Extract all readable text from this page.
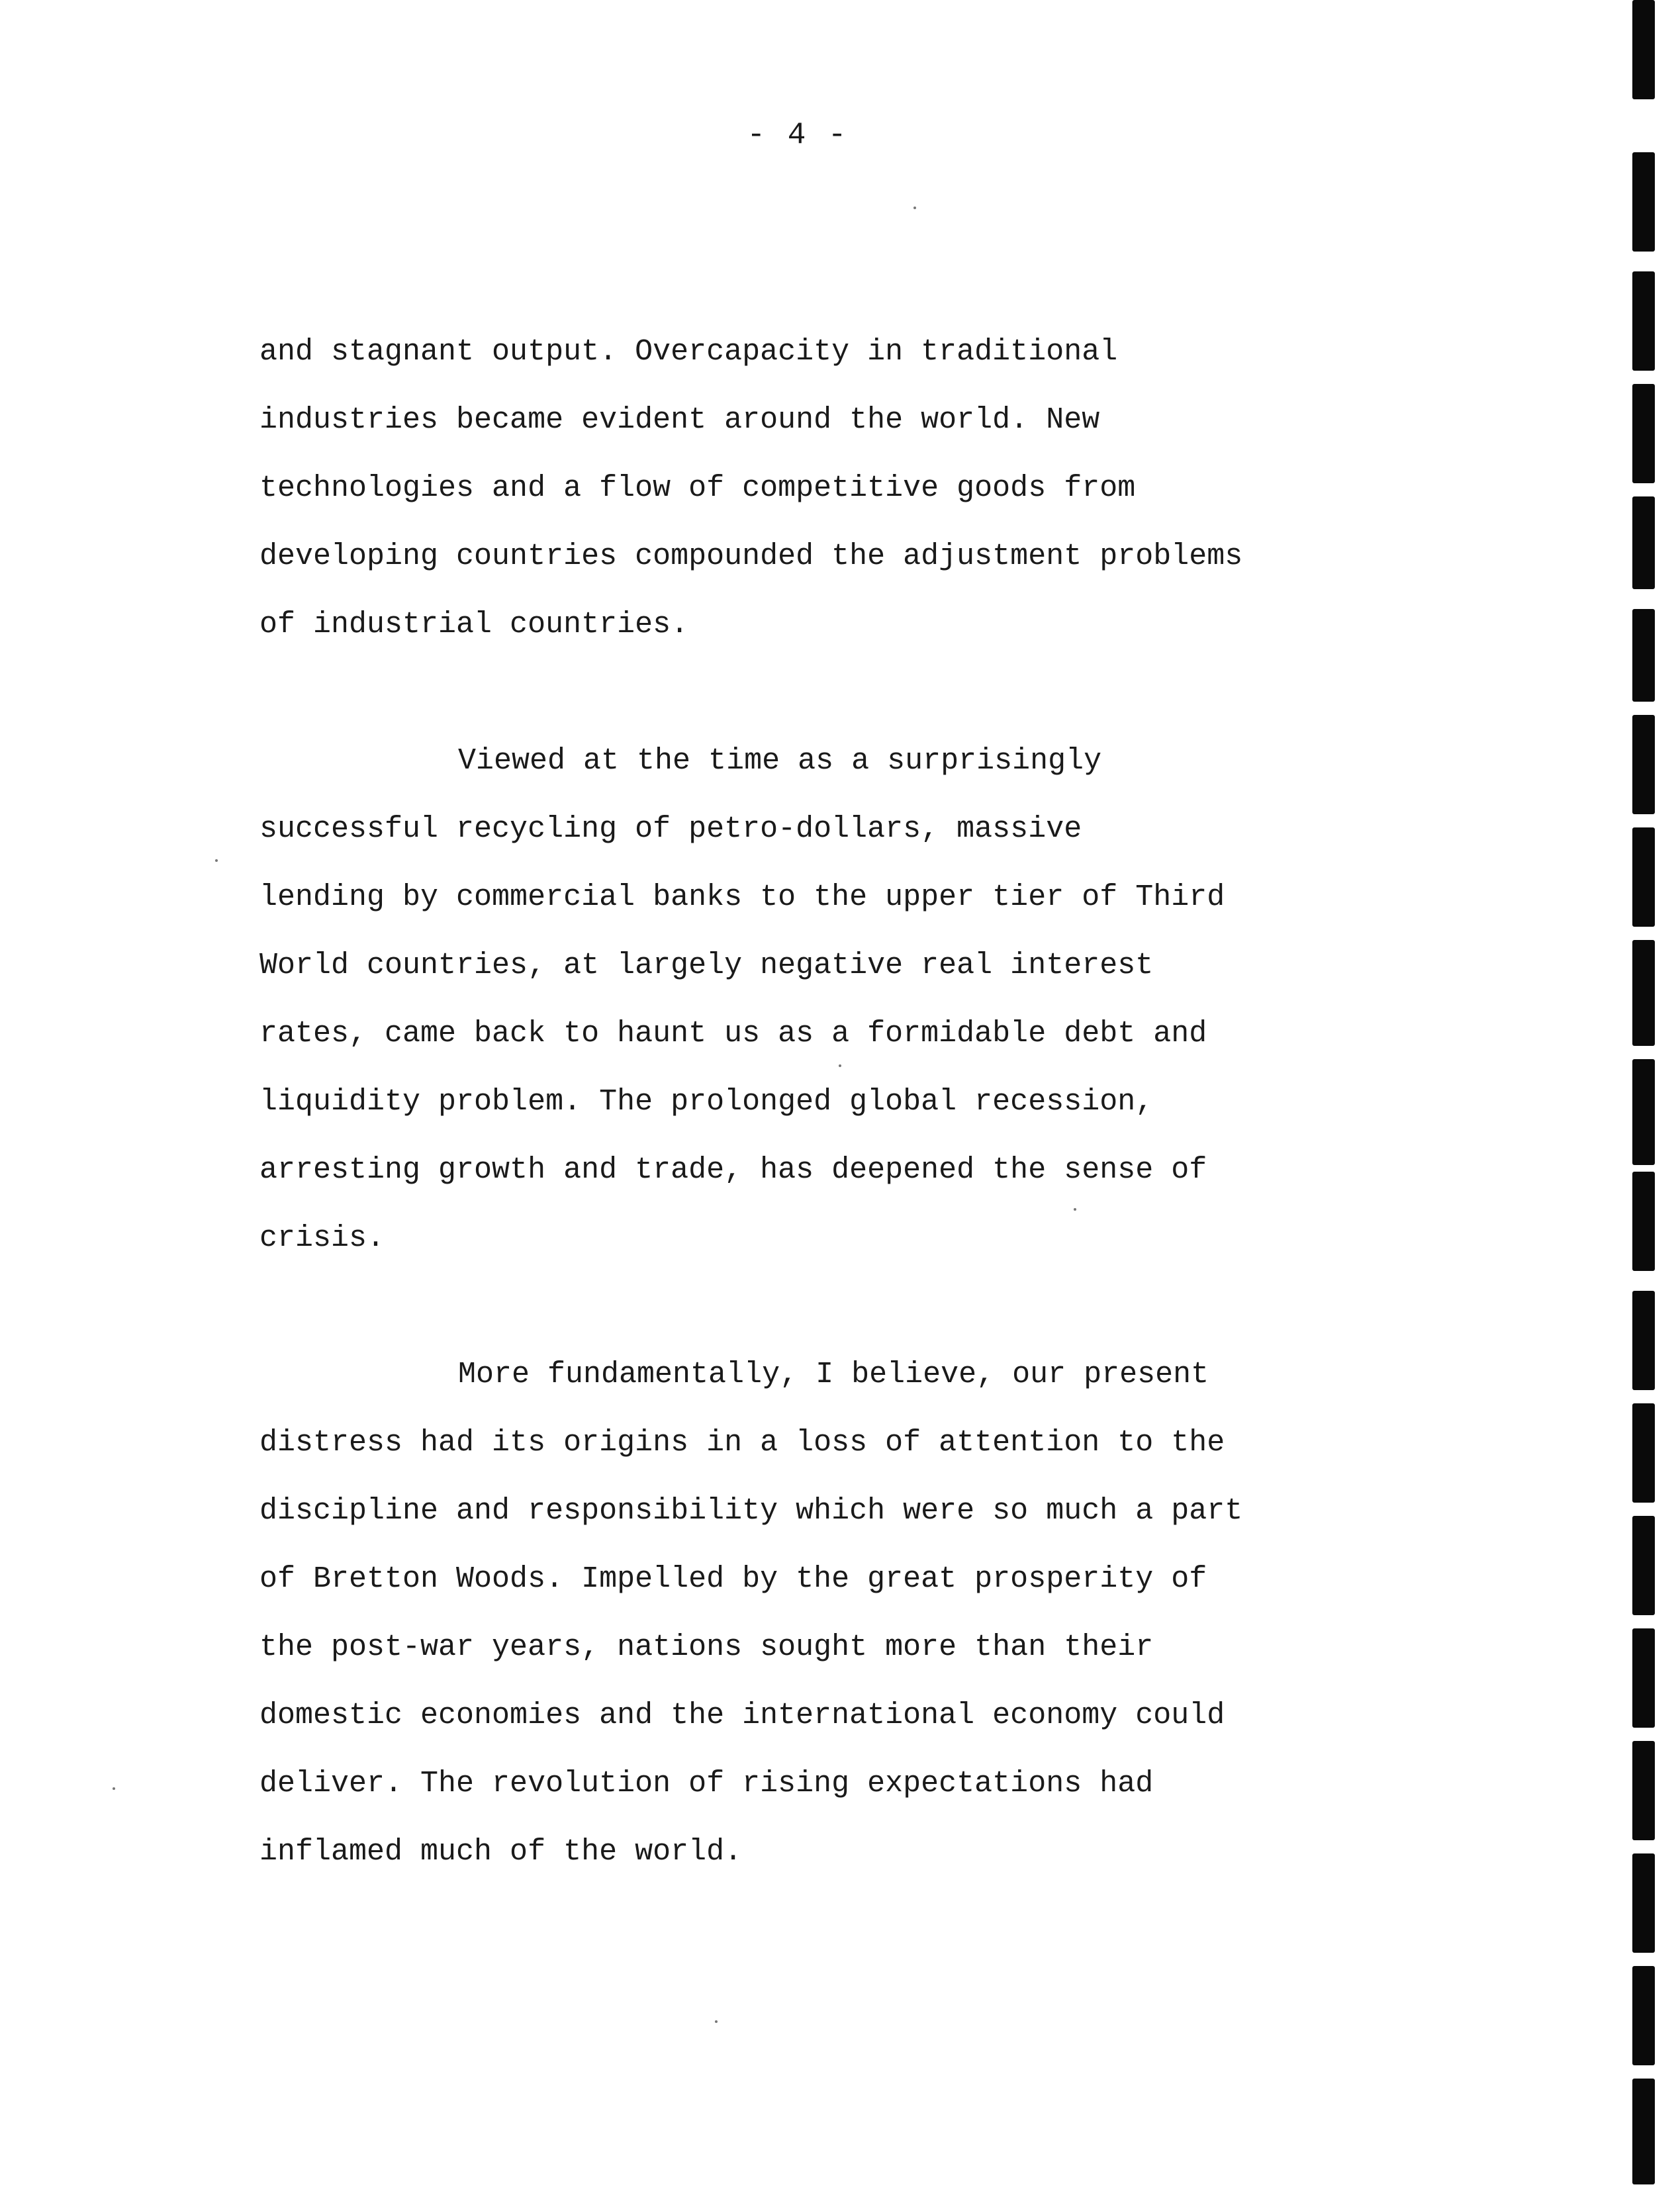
- 4 -

and stagnant output. Overcapacity in traditional
industries became evident around the world. New
technologies and a flow of competitive goods from
developing countries compounded the adjustment problems
of industrial countries.

Viewed at the time as a surprisingly
successful recycling of petro-dollars, massive
lending by commercial banks to the upper tier of Third
World countries, at largely negative real interest
rates, came back to haunt us as a formidable debt and
liquidity problem. The prolonged global recession,
arresting growth and trade, has deepened the sense of
crisis.

More fundamentally, I believe, our present
distress had its origins in a loss of attention to the
discipline and responsibility which were so much a part
of Bretton Woods. Impelled by the great prosperity of
the post-war years, nations sought more than their
domestic economies and the international economy could
deliver. The revolution of rising expectations had
inflamed much of the world.
